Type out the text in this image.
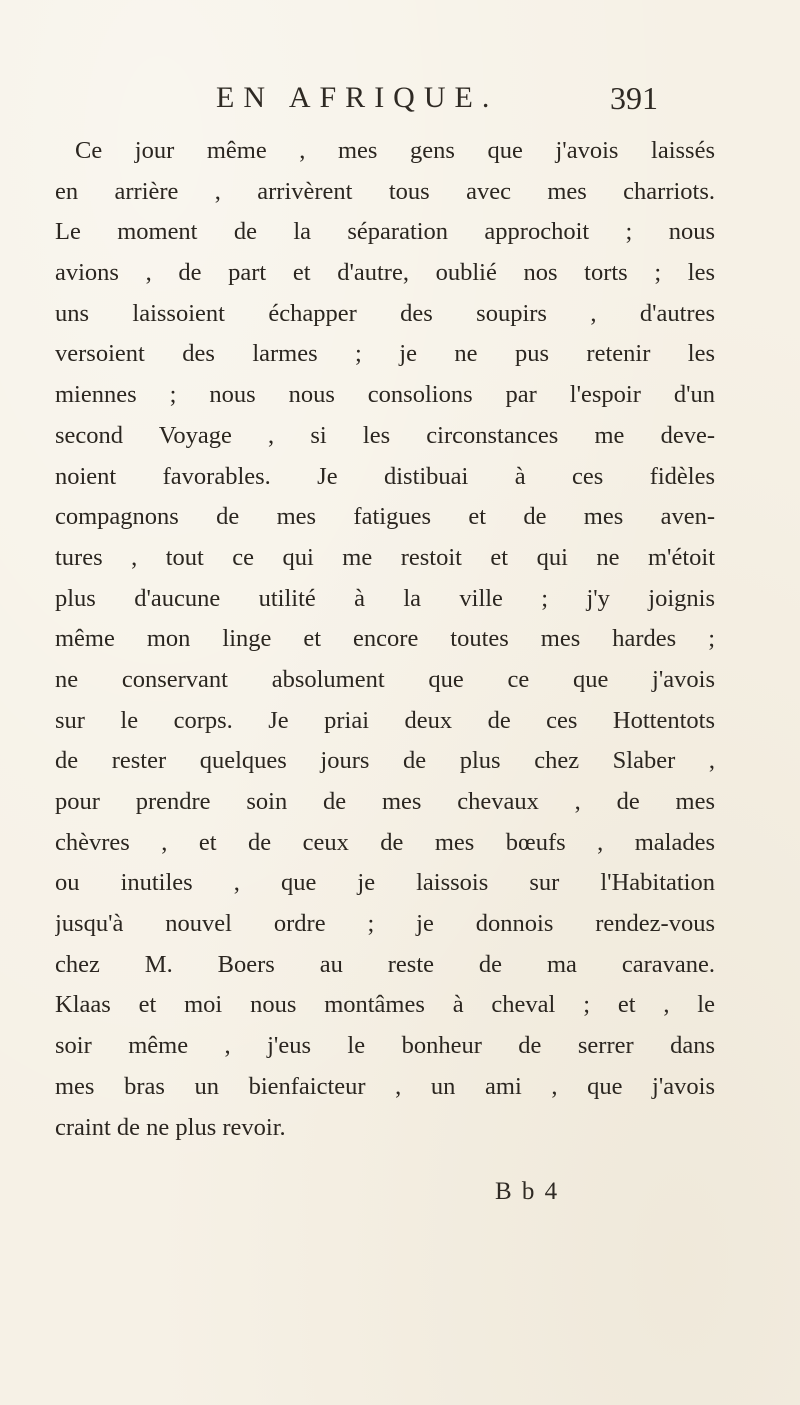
EN AFRIQUE.	391
Ce jour même , mes gens que j'avois laissés
en arrière , arrivèrent tous avec mes charriots.
Le moment de la séparation approchoit ; nous
avions , de part et d'autre, oublié nos torts ; les
uns laissoient échapper des soupirs , d'autres
versoient des larmes ; je ne pus retenir les
miennes ; nous nous consolions par l'espoir d'un
second Voyage , si les circonstances me deve-
noient favorables. Je distibuai à ces fidèles
compagnons de mes fatigues et de mes aven-
tures , tout ce qui me restoit et qui ne m'étoit
plus d'aucune utilité à la ville ; j'y joignis
même mon linge et encore toutes mes hardes ;
ne conservant absolument que ce que j'avois
sur le corps. Je priai deux de ces Hottentots
de rester quelques jours de plus chez Slaber ,
pour prendre soin de mes chevaux , de mes
chèvres , et de ceux de mes bœufs , malades
ou inutiles , que je laissois sur l'Habitation
jusqu'à nouvel ordre ; je donnois rendez-vous
chez M. Boers au reste de ma caravane.
Klaas et moi nous montâmes à cheval ; et , le
soir même , j'eus le bonheur de serrer dans
mes bras un bienfaicteur , un ami , que j'avois
craint de ne plus revoir.
B b 4
